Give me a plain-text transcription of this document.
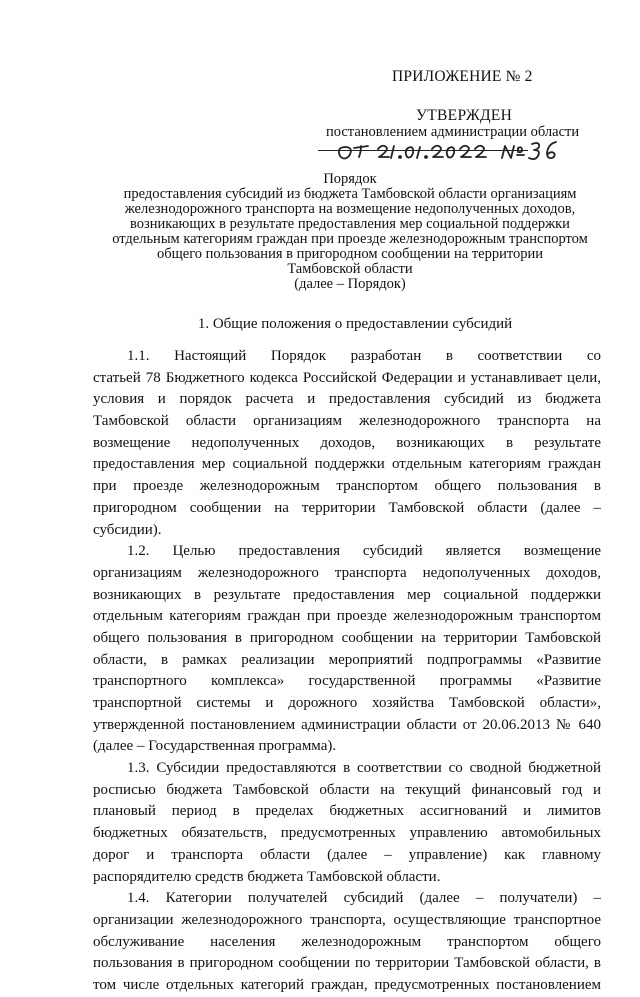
ПРИЛОЖЕНИЕ № 2
УТВЕРЖДЕН
постановлением администрации области
Порядок
предоставления субсидий из бюджета Тамбовской области организациям
железнодорожного транспорта на возмещение недополученных доходов,
возникающих в результате предоставления мер социальной поддержки
отдельным категориям граждан при проезде железнодорожным транспортом
общего пользования в пригородном сообщении на территории
Тамбовской области
(далее – Порядок)
1. Общие положения о предоставлении субсидий
1.1. Настоящий Порядок разработан в соответствии со
статьей 78 Бюджетного кодекса Российской Федерации и устанавливает цели,
условия и порядок расчета и предоставления субсидий из бюджета
Тамбовской области организациям железнодорожного транспорта на
возмещение недополученных доходов, возникающих в результате
предоставления мер социальной поддержки отдельным категориям граждан
при проезде железнодорожным транспортом общего пользования в
пригородном сообщении на территории Тамбовской области (далее –
субсидии).
1.2. Целью предоставления субсидий является возмещение
организациям железнодорожного транспорта недополученных доходов,
возникающих в результате предоставления мер социальной поддержки
отдельным категориям граждан при проезде железнодорожным транспортом
общего пользования в пригородном сообщении на территории Тамбовской
области, в рамках реализации мероприятий подпрограммы «Развитие
транспортного комплекса» государственной программы «Развитие
транспортной системы и дорожного хозяйства Тамбовской области»,
утвержденной постановлением администрации области от 20.06.2013 № 640
(далее – Государственная программа).
1.3. Субсидии предоставляются в соответствии со сводной бюджетной
росписью бюджета Тамбовской области на текущий финансовый год и
плановый период в пределах бюджетных ассигнований и лимитов
бюджетных обязательств, предусмотренных управлению автомобильных
дорог и транспорта области (далее – управление) как главному
распорядителю средств бюджета Тамбовской области.
1.4. Категории получателей субсидий (далее – получатели) –
организации железнодорожного транспорта, осуществляющие транспортное
обслуживание населения железнодорожным транспортом общего
пользования в пригородном сообщении по территории Тамбовской области, в
том числе отдельных категорий граждан, предусмотренных постановлением
